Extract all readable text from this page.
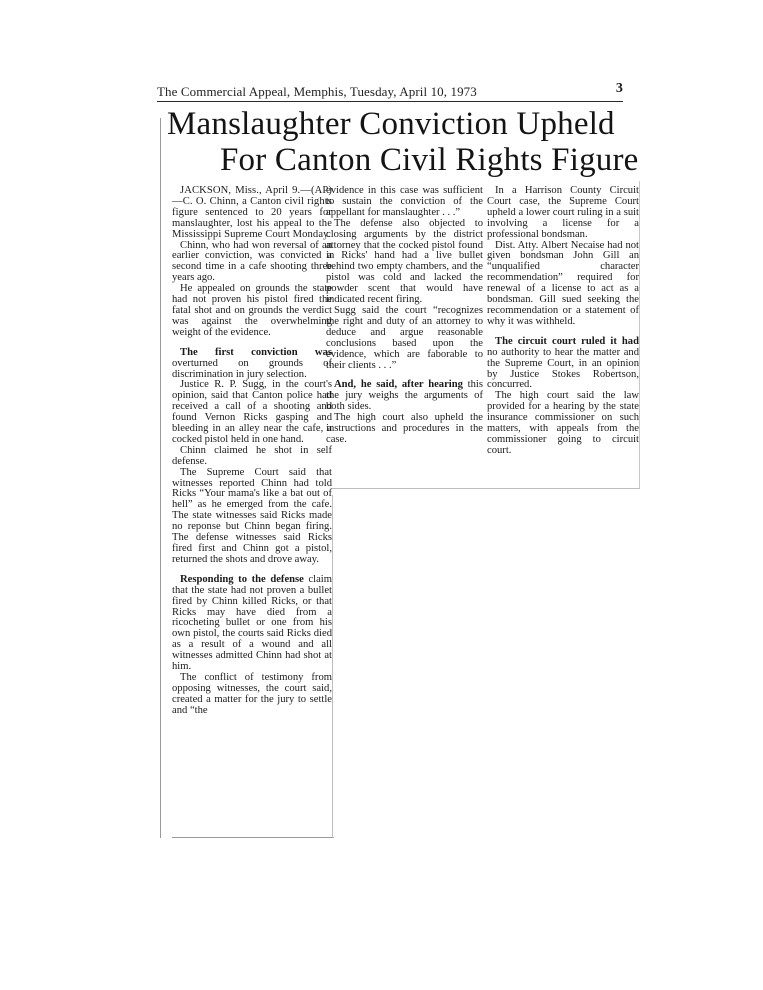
The Commercial Appeal, Memphis, Tuesday, April 10, 1973	3
Manslaughter Conviction Upheld
For Canton Civil Rights Figure

JACKSON, Miss., April 9.—(AP)—C. O. Chinn, a Canton civil rights figure sentenced to 20 years for manslaughter, lost his appeal to the Mississippi Supreme Court Monday.

Chinn, who had won reversal of an earlier conviction, was convicted a second time in a cafe shooting three years ago.

He appealed on grounds the state had not proven his pistol fired the fatal shot and on grounds the verdict was against the overwhelming weight of the evidence.

The first conviction was overturned on grounds of discrimination in jury selection.

Justice R. P. Sugg, in the court's opinion, said that Canton police had received a call of a shooting and found Vernon Ricks gasping and bleeding in an alley near the cafe, a cocked pistol held in one hand.

Chinn claimed he shot in self defense.

The Supreme Court said that witnesses reported Chinn had told Ricks “Your mama's like a bat out of hell” as he emerged from the cafe. The state witnesses said Ricks made no reponse but Chinn began firing. The defense witnesses said Ricks fired first and Chinn got a pistol, returned the shots and drove away.

Responding to the defense claim that the state had not proven a bullet fired by Chinn killed Ricks, or that Ricks may have died from a ricocheting bullet or one from his own pistol, the courts said Ricks died as a result of a wound and all witnesses admitted Chinn had shot at him.

The conflict of testimony from opposing witnesses, the court said, created a matter for the jury to settle and “the

evidence in this case was sufficient to sustain the conviction of the appellant for manslaughter . . .”

The defense also objected to closing arguments by the district attorney that the cocked pistol found in Ricks' hand had a live bullet behind two empty chambers, and the pistol was cold and lacked the powder scent that would have indicated recent firing.

Sugg said the court “recognizes the right and duty of an attorney to deduce and argue reasonable conclusions based upon the evidence, which are faborable to their clients . . .”

And, he said, after hearing this the jury weighs the arguments of both sides.

The high court also upheld the instructions and procedures in the case.

In a Harrison County Circuit Court case, the Supreme Court upheld a lower court ruling in a suit involving a license for a professional bondsman.

Dist. Atty. Albert Necaise had not given bondsman John Gill an “unqualified character recommendation” required for renewal of a license to act as a bondsman. Gill sued seeking the recommendation or a statement of why it was withheld.

The circuit court ruled it had no authority to hear the matter and the Supreme Court, in an opinion by Justice Stokes Robertson, concurred.

The high court said the law provided for a hearing by the state insurance commissioner on such matters, with appeals from the commissioner going to circuit court.
